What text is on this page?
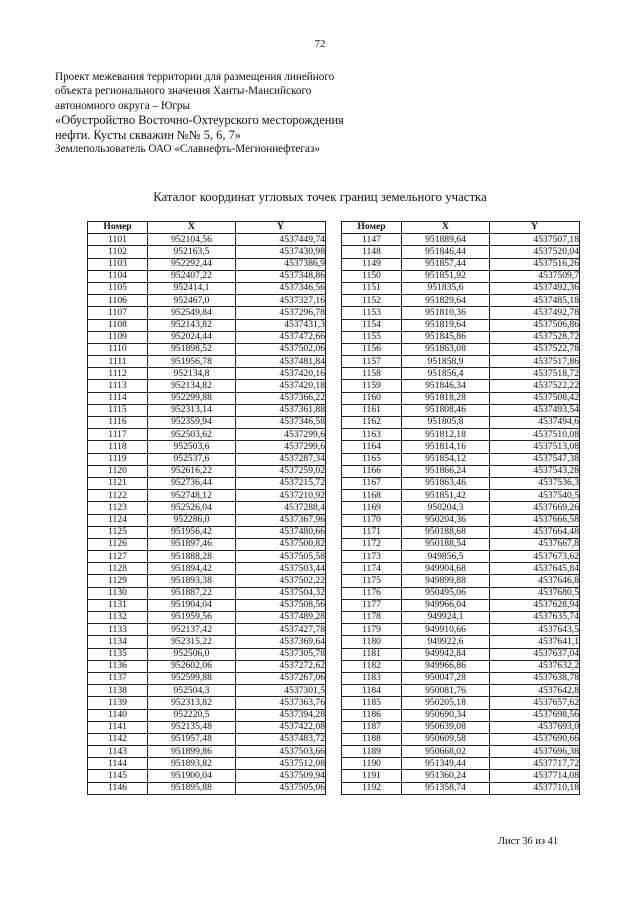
72
Проект межевания территории для размещения линейного
объекта регионального значения Ханты-Мансийского
автономного округа – Югры
«Обустройство Восточно-Охтеурского месторождения
нефти. Кусты скважин №№ 5, 6, 7»
Землепользователь ОАО «Славнефть-Мегионнефтегаз»
Каталог координат угловых точек границ земельного участка
Номер	X	Y
1101	952104,56	4537449,74
1102	952163,5	4537430,98
1103	952292,44	4537386,9
1104	952407,22	4537348,86
1105	952414,1	4537346,56
1106	952467,0	4537327,16
1107	952549,84	4537296,78
1108	952143,82	4537431,3
1109	952024,44	4537472,66
1110	951898,52	4537502,06
1111	951956,78	4537481,84
1112	952134,8	4537420,16
1113	952134,82	4537420,18
1114	952299,88	4537366,22
1115	952313,14	4537361,88
1116	952359,94	4537346,58
1117	952503,62	4537299,6
1118	952503,6	4537299,6
1119	952537,6	4537287,34
1120	952616,22	4537259,02
1121	952736,44	4537215,72
1122	952748,12	4537210,92
1123	952526,04	4537288,4
1124	952286,0	4537367,96
1125	951956,42	4537480,66
1126	951897,46	4537500,82
1127	951888,28	4537505,58
1128	951894,42	4537503,44
1129	951893,38	4537502,22
1130	951887,22	4537504,32
1131	951904,04	4537508,56
1132	951959,56	4537489,28
1133	952137,42	4537427,78
1134	952315,22	4537369,64
1135	952506,0	4537305,78
1136	952602,06	4537272,62
1137	952599,88	4537267,06
1138	952504,3	4537301,5
1139	952313,82	4537363,76
1140	952220,5	4537394,28
1141	952135,48	4537422,08
1142	951957,48	4537483,72
1143	951899,86	4537503,66
1144	951893,82	4537512,08
1145	951900,04	4537509,94
1146	951895,88	4537505,06
Номер	X	Y
1147	951889,64	4537507,18
1148	951846,44	4537520,04
1149	951857,44	4537516,26
1150	951851,92	4537509,7
1151	951835,6	4537492,36
1152	951829,64	4537485,18
1153	951810,36	4537492,78
1154	951819,64	4537506,86
1155	951845,86	4537528,72
1156	951863,08	4537522,78
1157	951858,9	4537517,86
1158	951856,4	4537518,72
1159	951846,34	4537522,22
1160	951818,28	4537508,42
1161	951808,46	4537493,54
1162	951805,8	4537494,6
1163	951812,18	4537510,08
1164	951814,16	4537513,08
1165	951854,12	4537547,38
1166	951866,24	4537543,28
1167	951863,46	4537536,3
1168	951851,42	4537540,5
1169	950204,3	4537669,26
1170	950204,36	4537666,58
1171	950188,68	4537664,48
1172	950188,54	4537667,8
1173	949856,5	4537673,62
1174	949904,68	4537645,84
1175	949899,88	4537646,8
1176	950495,06	4537680,5
1177	949966,04	4537628,94
1178	949924,1	4537635,74
1179	949910,66	4537643,5
1180	949922,6	4537641,1
1181	949942,84	4537637,04
1182	949966,86	4537632,2
1183	950047,28	4537638,78
1184	950081,76	4537642,8
1185	950205,18	4537657,62
1186	950690,34	4537698,56
1187	950639,08	4537693,0
1188	950609,58	4537690,66
1189	950668,02	4537696,38
1190	951349,44	4537717,72
1191	951360,24	4537714,08
1192	951358,74	4537710,18
Лист 36 из 41
